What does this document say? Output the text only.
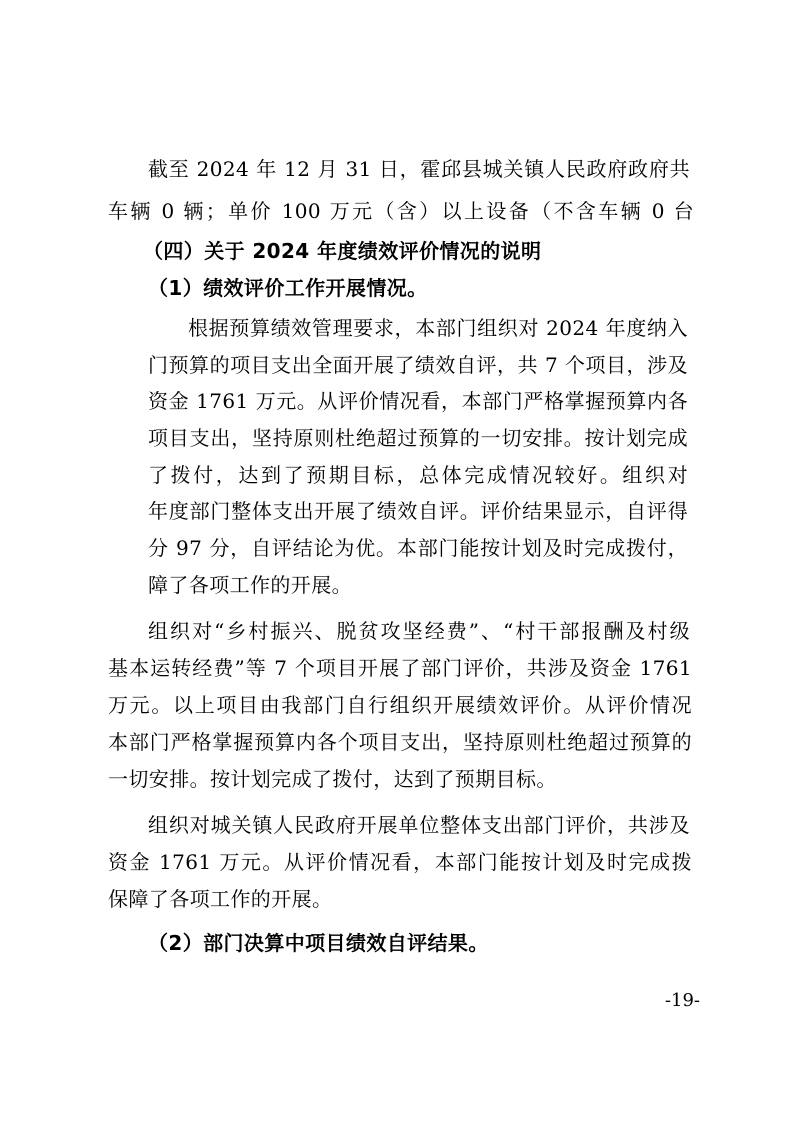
截至 2024 年 12 月 31 日，霍邱县城关镇人民政府政府共
车辆 0 辆；单价 100 万元（含）以上设备（不含车辆 0 台
（四）关于 2024 年度绩效评价情况的说明
（1）绩效评价工作开展情况。
根据预算绩效管理要求，本部门组织对 2024 年度纳入
门预算的项目支出全面开展了绩效自评，共 7 个项目，涉及
资金 1761 万元。从评价情况看，本部门严格掌握预算内各
项目支出，坚持原则杜绝超过预算的一切安排。按计划完成
了拨付，达到了预期目标，总体完成情况较好。组织对
年度部门整体支出开展了绩效自评。评价结果显示，自评得
分 97 分，自评结论为优。本部门能按计划及时完成拨付，
障了各项工作的开展。
组织对“乡村振兴、脱贫攻坚经费”、“村干部报酬及村级
基本运转经费”等 7 个项目开展了部门评价，共涉及资金 1761
万元。以上项目由我部门自行组织开展绩效评价。从评价情况
本部门严格掌握预算内各个项目支出，坚持原则杜绝超过预算的
一切安排。按计划完成了拨付，达到了预期目标。
组织对城关镇人民政府开展单位整体支出部门评价，共涉及
资金 1761 万元。从评价情况看，本部门能按计划及时完成拨
保障了各项工作的开展。
（2）部门决算中项目绩效自评结果。
-19-
